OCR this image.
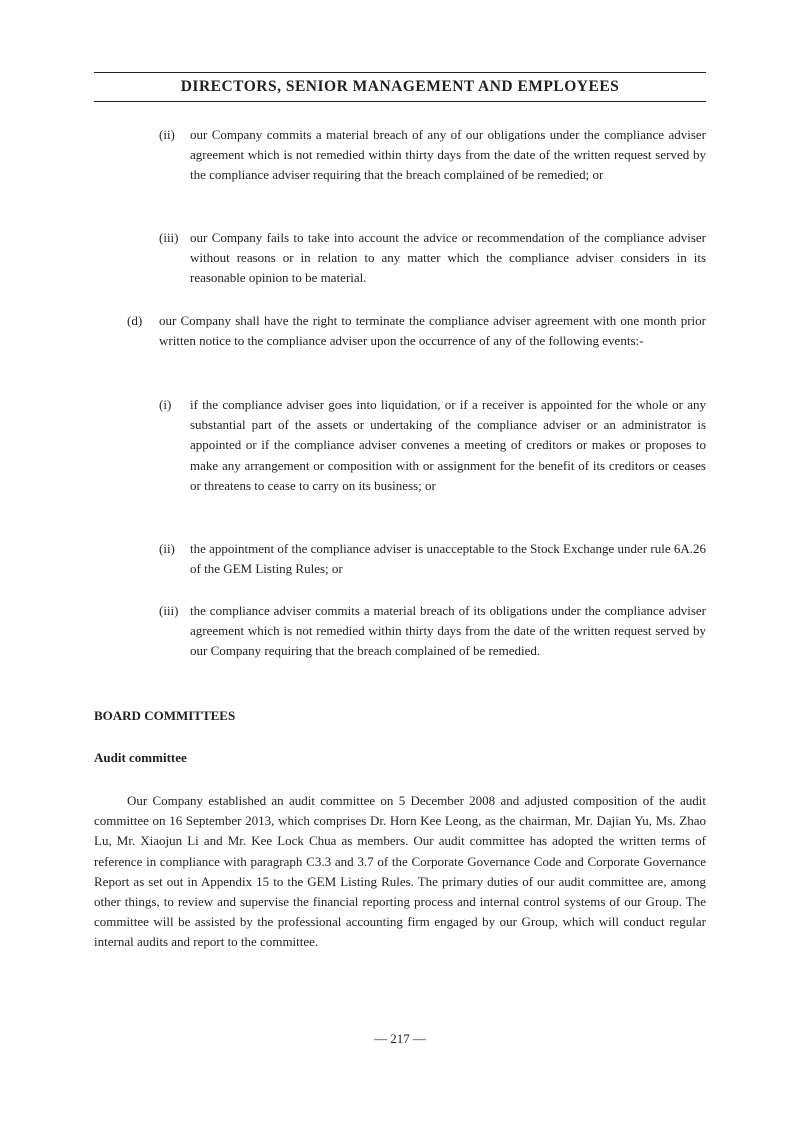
DIRECTORS, SENIOR MANAGEMENT AND EMPLOYEES
(ii) our Company commits a material breach of any of our obligations under the compliance adviser agreement which is not remedied within thirty days from the date of the written request served by the compliance adviser requiring that the breach complained of be remedied; or
(iii) our Company fails to take into account the advice or recommendation of the compliance adviser without reasons or in relation to any matter which the compliance adviser considers in its reasonable opinion to be material.
(d) our Company shall have the right to terminate the compliance adviser agreement with one month prior written notice to the compliance adviser upon the occurrence of any of the following events:-
(i) if the compliance adviser goes into liquidation, or if a receiver is appointed for the whole or any substantial part of the assets or undertaking of the compliance adviser or an administrator is appointed or if the compliance adviser convenes a meeting of creditors or makes or proposes to make any arrangement or composition with or assignment for the benefit of its creditors or ceases or threatens to cease to carry on its business; or
(ii) the appointment of the compliance adviser is unacceptable to the Stock Exchange under rule 6A.26 of the GEM Listing Rules; or
(iii) the compliance adviser commits a material breach of its obligations under the compliance adviser agreement which is not remedied within thirty days from the date of the written request served by our Company requiring that the breach complained of be remedied.
BOARD COMMITTEES
Audit committee
Our Company established an audit committee on 5 December 2008 and adjusted composition of the audit committee on 16 September 2013, which comprises Dr. Horn Kee Leong, as the chairman, Mr. Dajian Yu, Ms. Zhao Lu, Mr. Xiaojun Li and Mr. Kee Lock Chua as members. Our audit committee has adopted the written terms of reference in compliance with paragraph C3.3 and 3.7 of the Corporate Governance Code and Corporate Governance Report as set out in Appendix 15 to the GEM Listing Rules. The primary duties of our audit committee are, among other things, to review and supervise the financial reporting process and internal control systems of our Group. The committee will be assisted by the professional accounting firm engaged by our Group, which will conduct regular internal audits and report to the committee.
— 217 —
